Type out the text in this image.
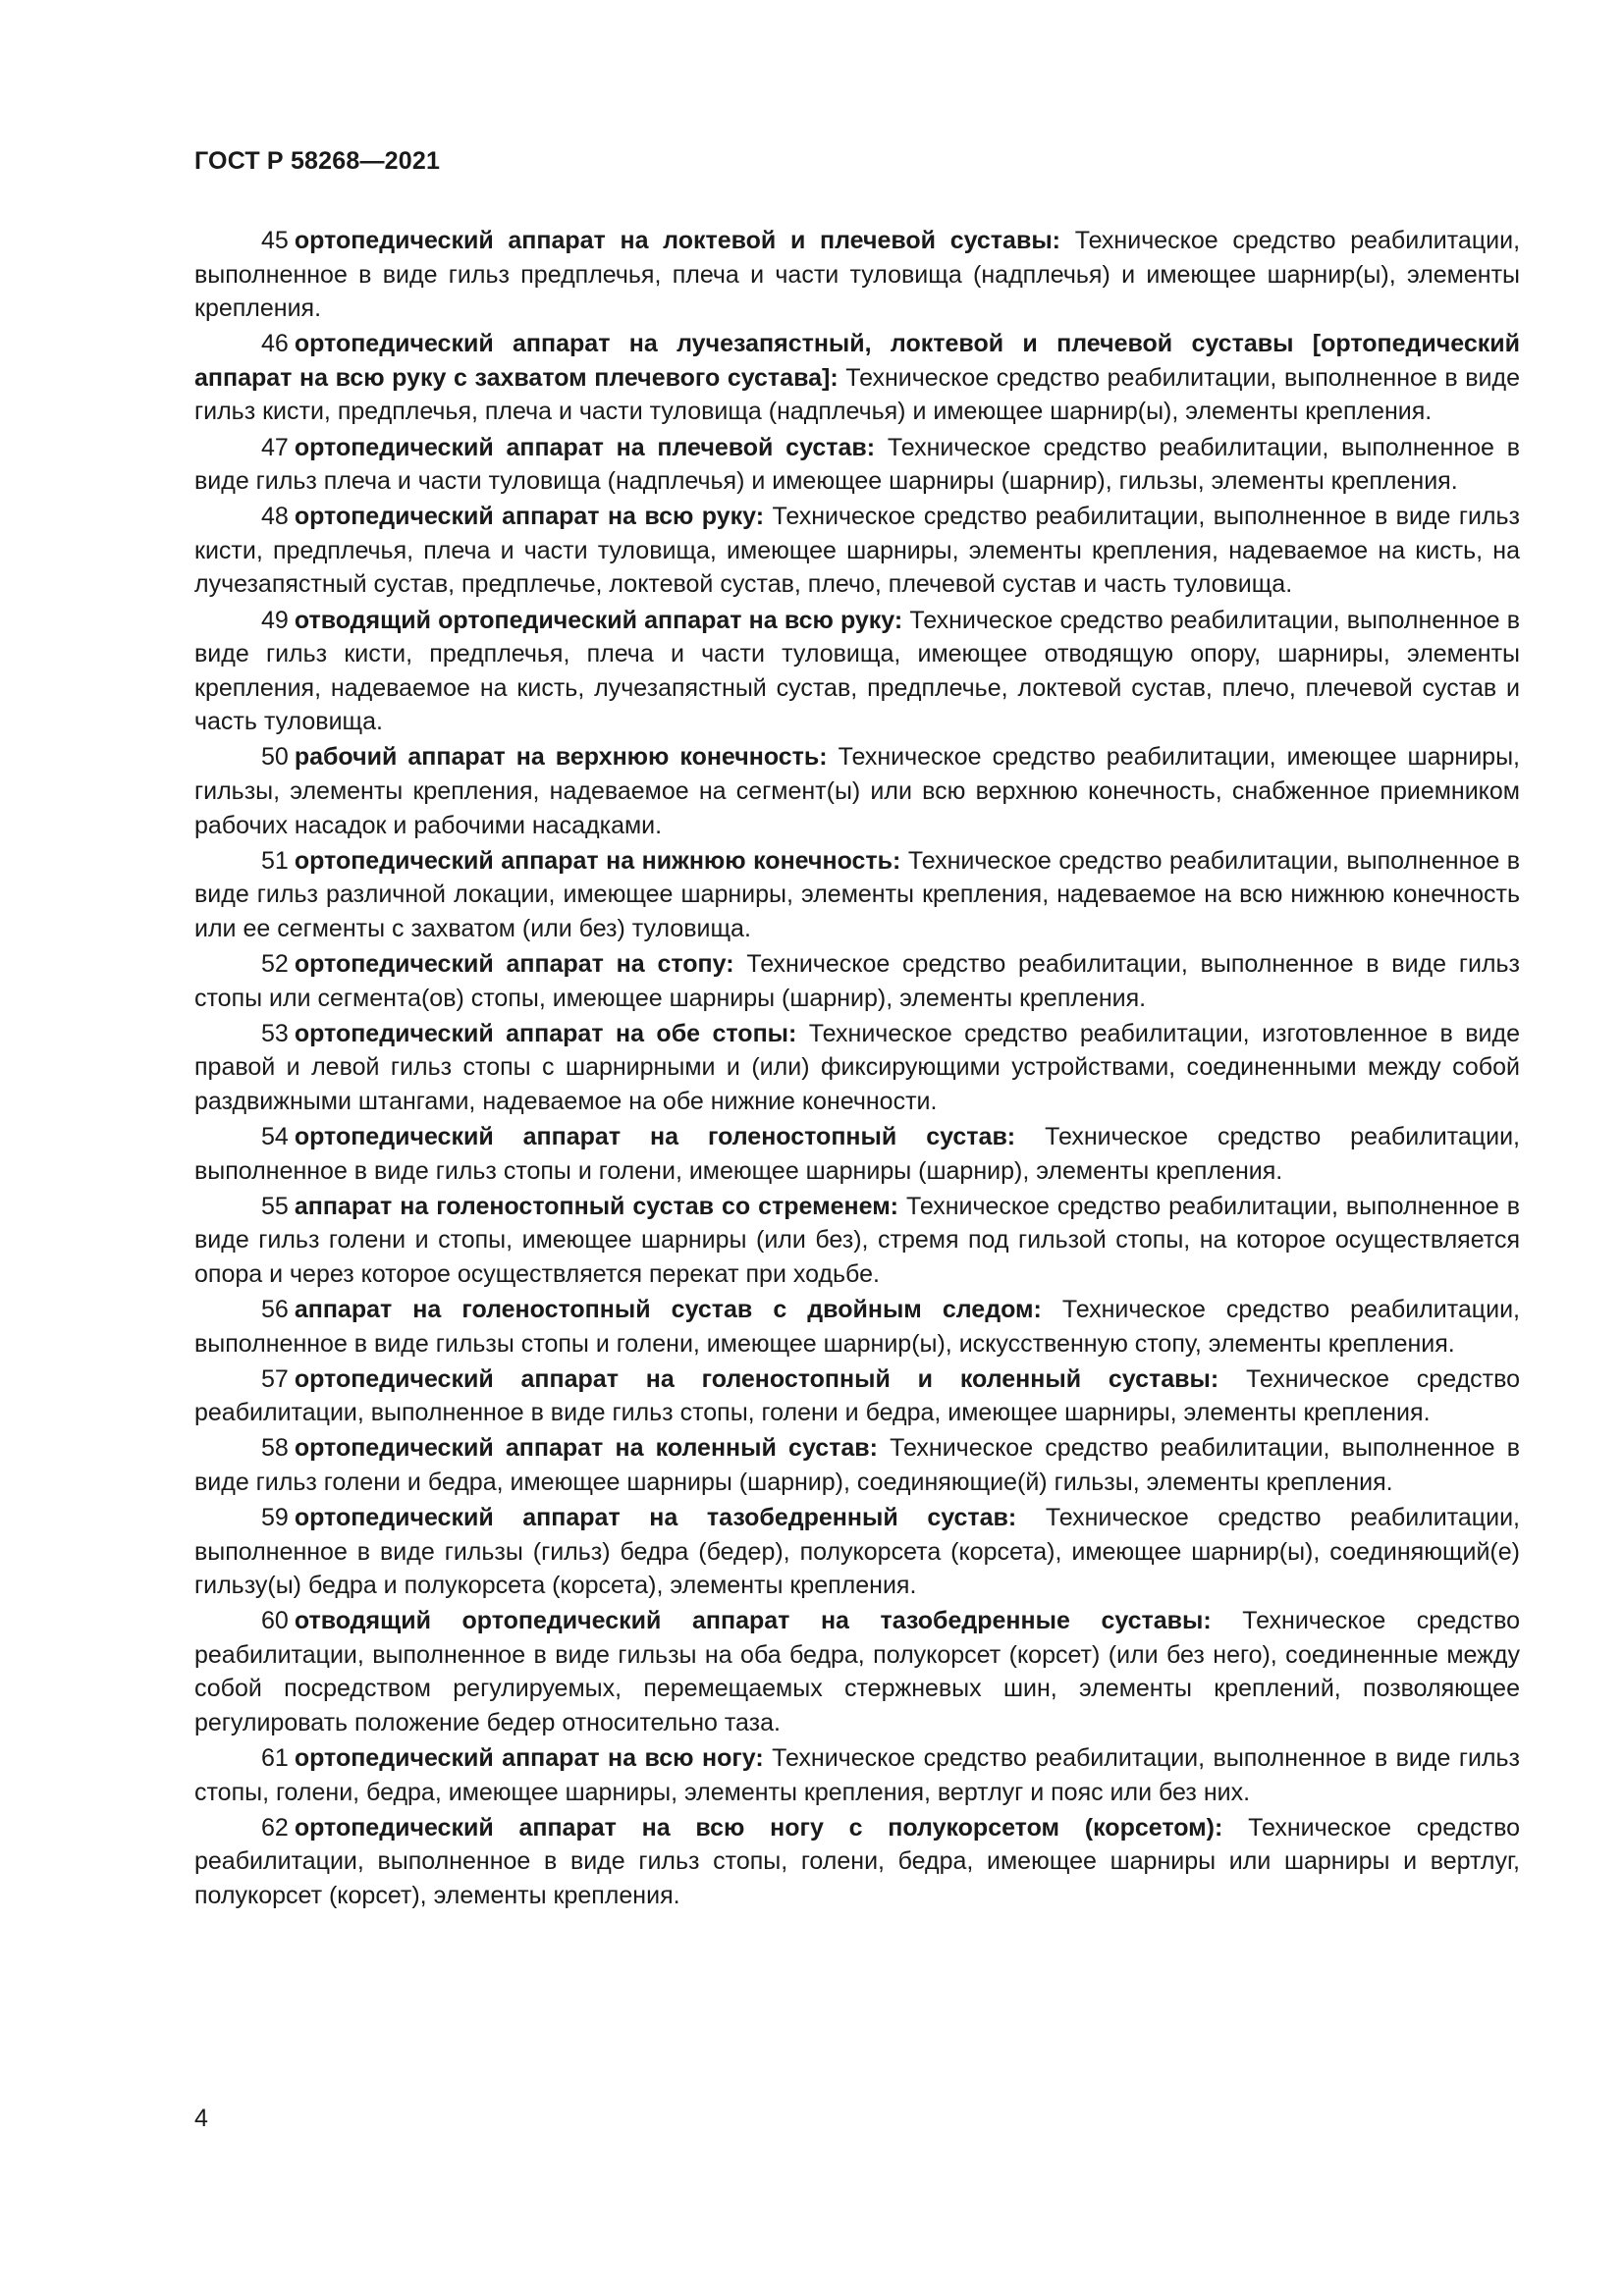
ГОСТ Р 58268—2021

45 ортопедический аппарат на локтевой и плечевой суставы: Техническое средство реабилитации, выполненное в виде гильз предплечья, плеча и части туловища (надплечья) и имеющее шарнир(ы), элементы крепления.

46 ортопедический аппарат на лучезапястный, локтевой и плечевой суставы [ортопедический аппарат на всю руку с захватом плечевого сустава]: Техническое средство реабилитации, выполненное в виде гильз кисти, предплечья, плеча и части туловища (надплечья) и имеющее шарнир(ы), элементы крепления.

47 ортопедический аппарат на плечевой сустав: Техническое средство реабилитации, выполненное в виде гильз плеча и части туловища (надплечья) и имеющее шарниры (шарнир), гильзы, элементы крепления.

48 ортопедический аппарат на всю руку: Техническое средство реабилитации, выполненное в виде гильз кисти, предплечья, плеча и части туловища, имеющее шарниры, элементы крепления, надеваемое на кисть, на лучезапястный сустав, предплечье, локтевой сустав, плечо, плечевой сустав и часть туловища.

49 отводящий ортопедический аппарат на всю руку: Техническое средство реабилитации, выполненное в виде гильз кисти, предплечья, плеча и части туловища, имеющее отводящую опору, шарниры, элементы крепления, надеваемое на кисть, лучезапястный сустав, предплечье, локтевой сустав, плечо, плечевой сустав и часть туловища.

50 рабочий аппарат на верхнюю конечность: Техническое средство реабилитации, имеющее шарниры, гильзы, элементы крепления, надеваемое на сегмент(ы) или всю верхнюю конечность, снабженное приемником рабочих насадок и рабочими насадками.

51 ортопедический аппарат на нижнюю конечность: Техническое средство реабилитации, выполненное в виде гильз различной локации, имеющее шарниры, элементы крепления, надеваемое на всю нижнюю конечность или ее сегменты с захватом (или без) туловища.

52 ортопедический аппарат на стопу: Техническое средство реабилитации, выполненное в виде гильз стопы или сегмента(ов) стопы, имеющее шарниры (шарнир), элементы крепления.

53 ортопедический аппарат на обе стопы: Техническое средство реабилитации, изготовленное в виде правой и левой гильз стопы с шарнирными и (или) фиксирующими устройствами, соединенными между собой раздвижными штангами, надеваемое на обе нижние конечности.

54 ортопедический аппарат на голеностопный сустав: Техническое средство реабилитации, выполненное в виде гильз стопы и голени, имеющее шарниры (шарнир), элементы крепления.

55 аппарат на голеностопный сустав со стременем: Техническое средство реабилитации, выполненное в виде гильз голени и стопы, имеющее шарниры (или без), стремя под гильзой стопы, на которое осуществляется опора и через которое осуществляется перекат при ходьбе.

56 аппарат на голеностопный сустав с двойным следом: Техническое средство реабилитации, выполненное в виде гильзы стопы и голени, имеющее шарнир(ы), искусственную стопу, элементы крепления.

57 ортопедический аппарат на голеностопный и коленный суставы: Техническое средство реабилитации, выполненное в виде гильз стопы, голени и бедра, имеющее шарниры, элементы крепления.

58 ортопедический аппарат на коленный сустав: Техническое средство реабилитации, выполненное в виде гильз голени и бедра, имеющее шарниры (шарнир), соединяющие(й) гильзы, элементы крепления.

59 ортопедический аппарат на тазобедренный сустав: Техническое средство реабилитации, выполненное в виде гильзы (гильз) бедра (бедер), полукорсета (корсета), имеющее шарнир(ы), соединяющий(е) гильзу(ы) бедра и полукорсета (корсета), элементы крепления.

60 отводящий ортопедический аппарат на тазобедренные суставы: Техническое средство реабилитации, выполненное в виде гильзы на оба бедра, полукорсет (корсет) (или без него), соединенные между собой посредством регулируемых, перемещаемых стержневых шин, элементы креплений, позволяющее регулировать положение бедер относительно таза.

61 ортопедический аппарат на всю ногу: Техническое средство реабилитации, выполненное в виде гильз стопы, голени, бедра, имеющее шарниры, элементы крепления, вертлуг и пояс или без них.

62 ортопедический аппарат на всю ногу с полукорсетом (корсетом): Техническое средство реабилитации, выполненное в виде гильз стопы, голени, бедра, имеющее шарниры или шарниры и вертлуг, полукорсет (корсет), элементы крепления.

4
